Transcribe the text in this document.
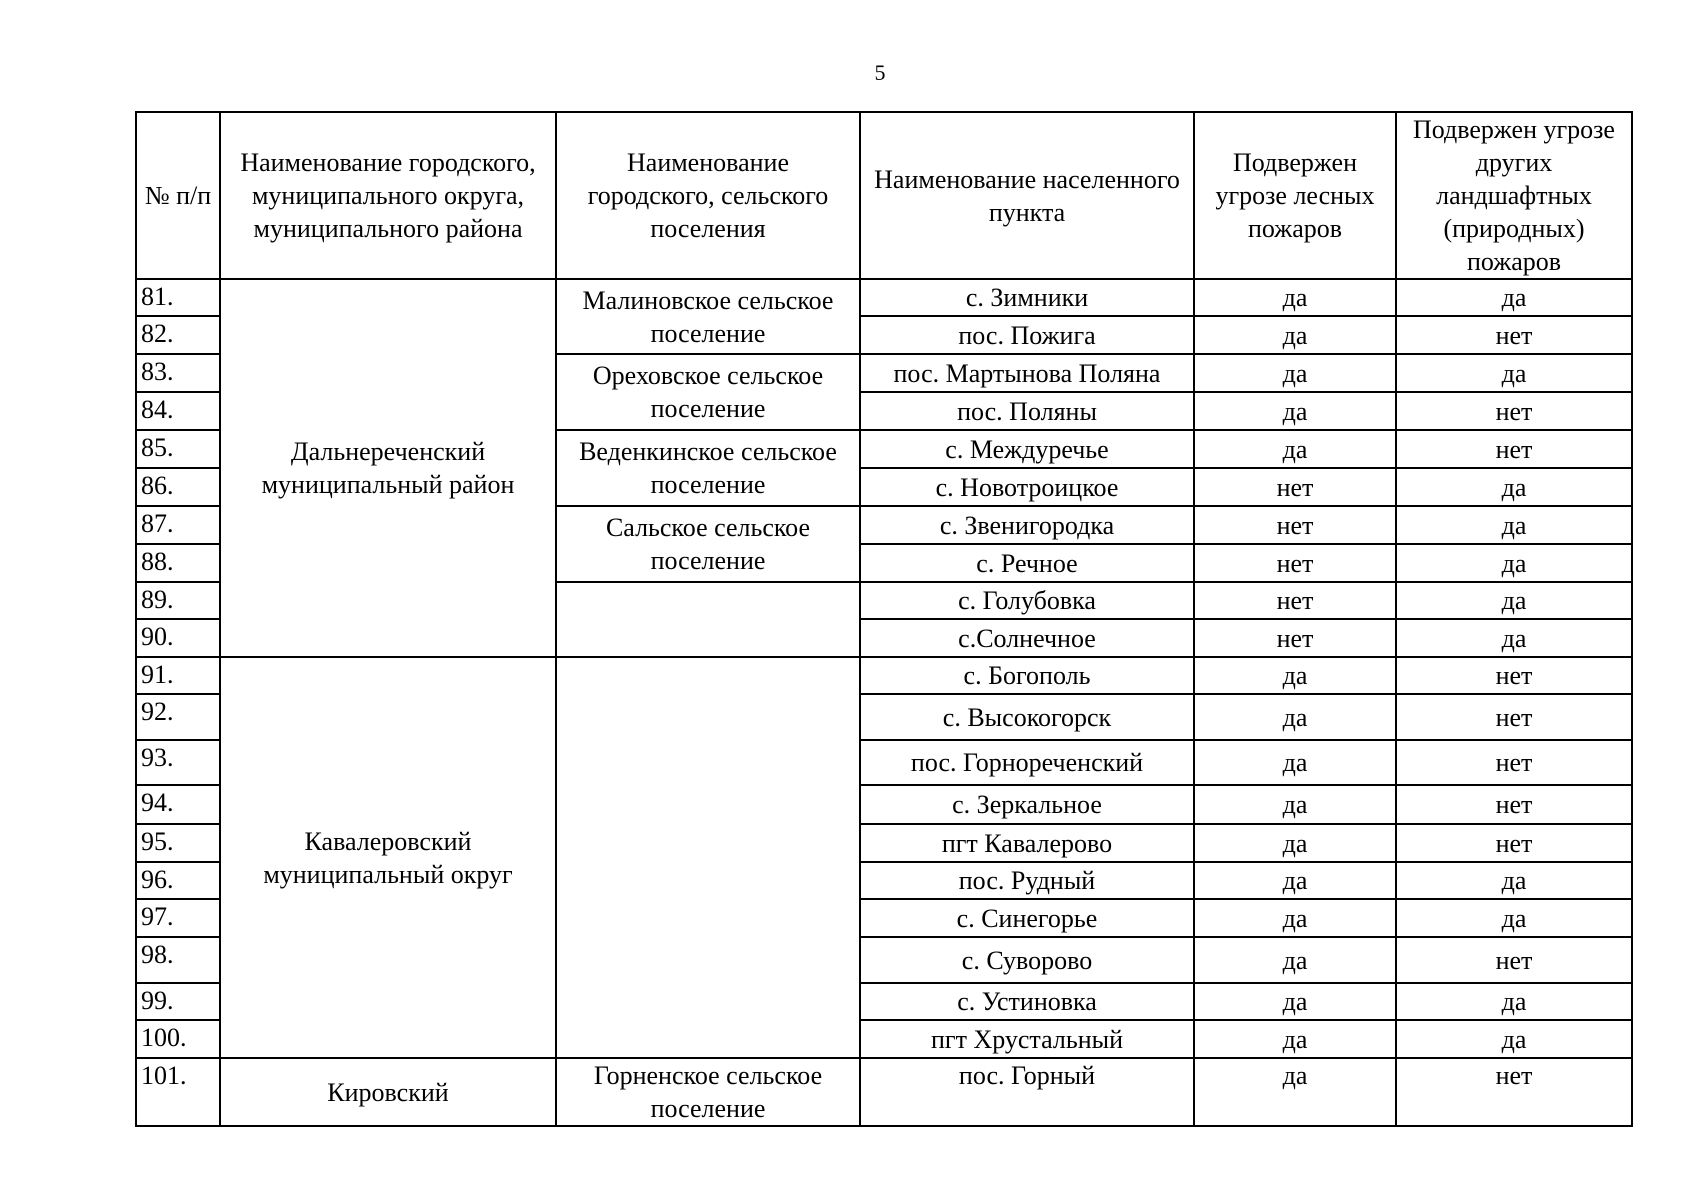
5
№ п/п	Наименование городского, муниципального округа, муниципального района	Наименование городского, сельского поселения	Наименование населенного пункта	Подвержен угрозе лесных пожаров	Подвержен угрозе других ландшафтных (природных) пожаров
81.	Дальнереченский муниципальный район	Малиновское сельское поселение	с. Зимники	да	да
82.			пос. Пожига	да	нет
83.		Ореховское сельское поселение	пос. Мартынова Поляна	да	да
84.			пос. Поляны	да	нет
85.		Веденкинское сельское поселение	с. Междуречье	да	нет
86.			с. Новотроицкое	нет	да
87.		Сальское сельское поселение	с. Звенигородка	нет	да
88.			с. Речное	нет	да
89.			с. Голубовка	нет	да
90.			с.Солнечное	нет	да
91.	Кавалеровский муниципальный округ		с. Богополь	да	нет
92.			с. Высокогорск	да	нет
93.			пос. Горнореченский	да	нет
94.			с. Зеркальное	да	нет
95.			пгт Кавалерово	да	нет
96.			пос. Рудный	да	да
97.			с. Синегорье	да	да
98.			с. Суворово	да	нет
99.			с. Устиновка	да	да
100.			пгт Хрустальный	да	да
101.	Кировский	Горненское сельское поселение	пос. Горный	да	нет
